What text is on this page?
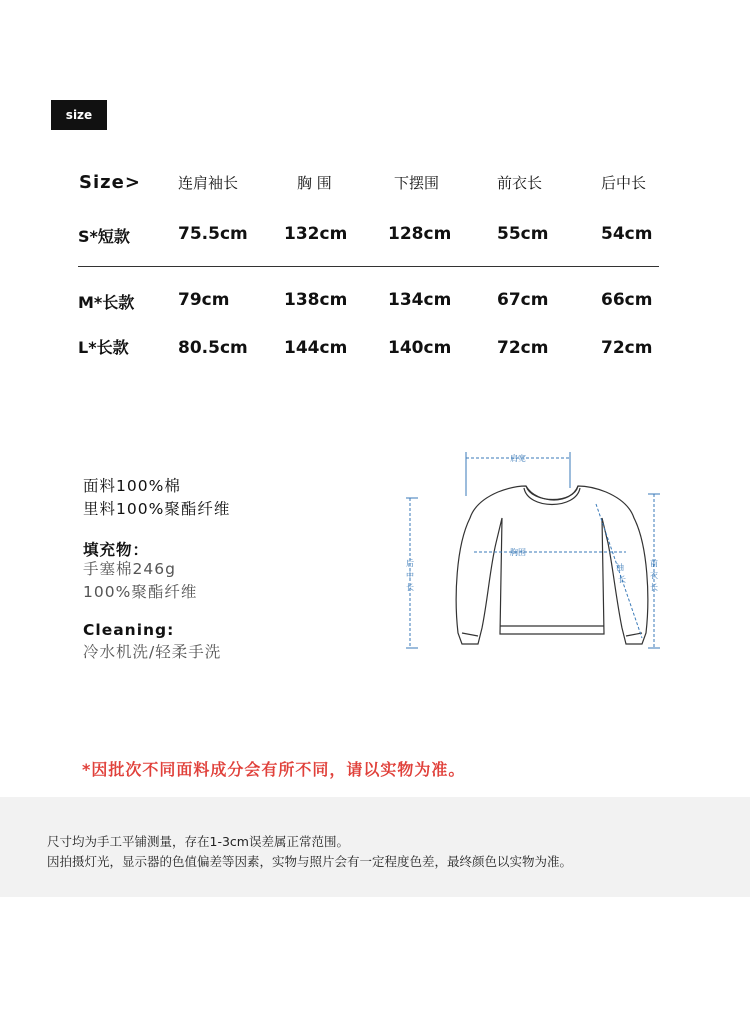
size
Size> 连肩袖长	胸 围	下摆围	前衣长	后中长
S*短款	75.5cm 132cm 128cm	55cm	54cm
M*长款	79cm	138cm 134cm	67cm	66cm
L*长款	80.5cm 144cm 140cm	72cm	72cm
面料100%棉
里料100%聚酯纤维
填充物：
手塞棉246g
100%聚酯纤维
Cleaning:
冷水机洗/轻柔手洗
肩宽
胸围
后
中
长
袖
长
前
衣
长
*因批次不同面料成分会有所不同，请以实物为准。

尺寸均为手工平铺测量，存在1-3cm误差属正常范围。

因拍摄灯光，显示器的色值偏差等因素，实物与照片会有一定程度色差，最终颜色以实物为准。
